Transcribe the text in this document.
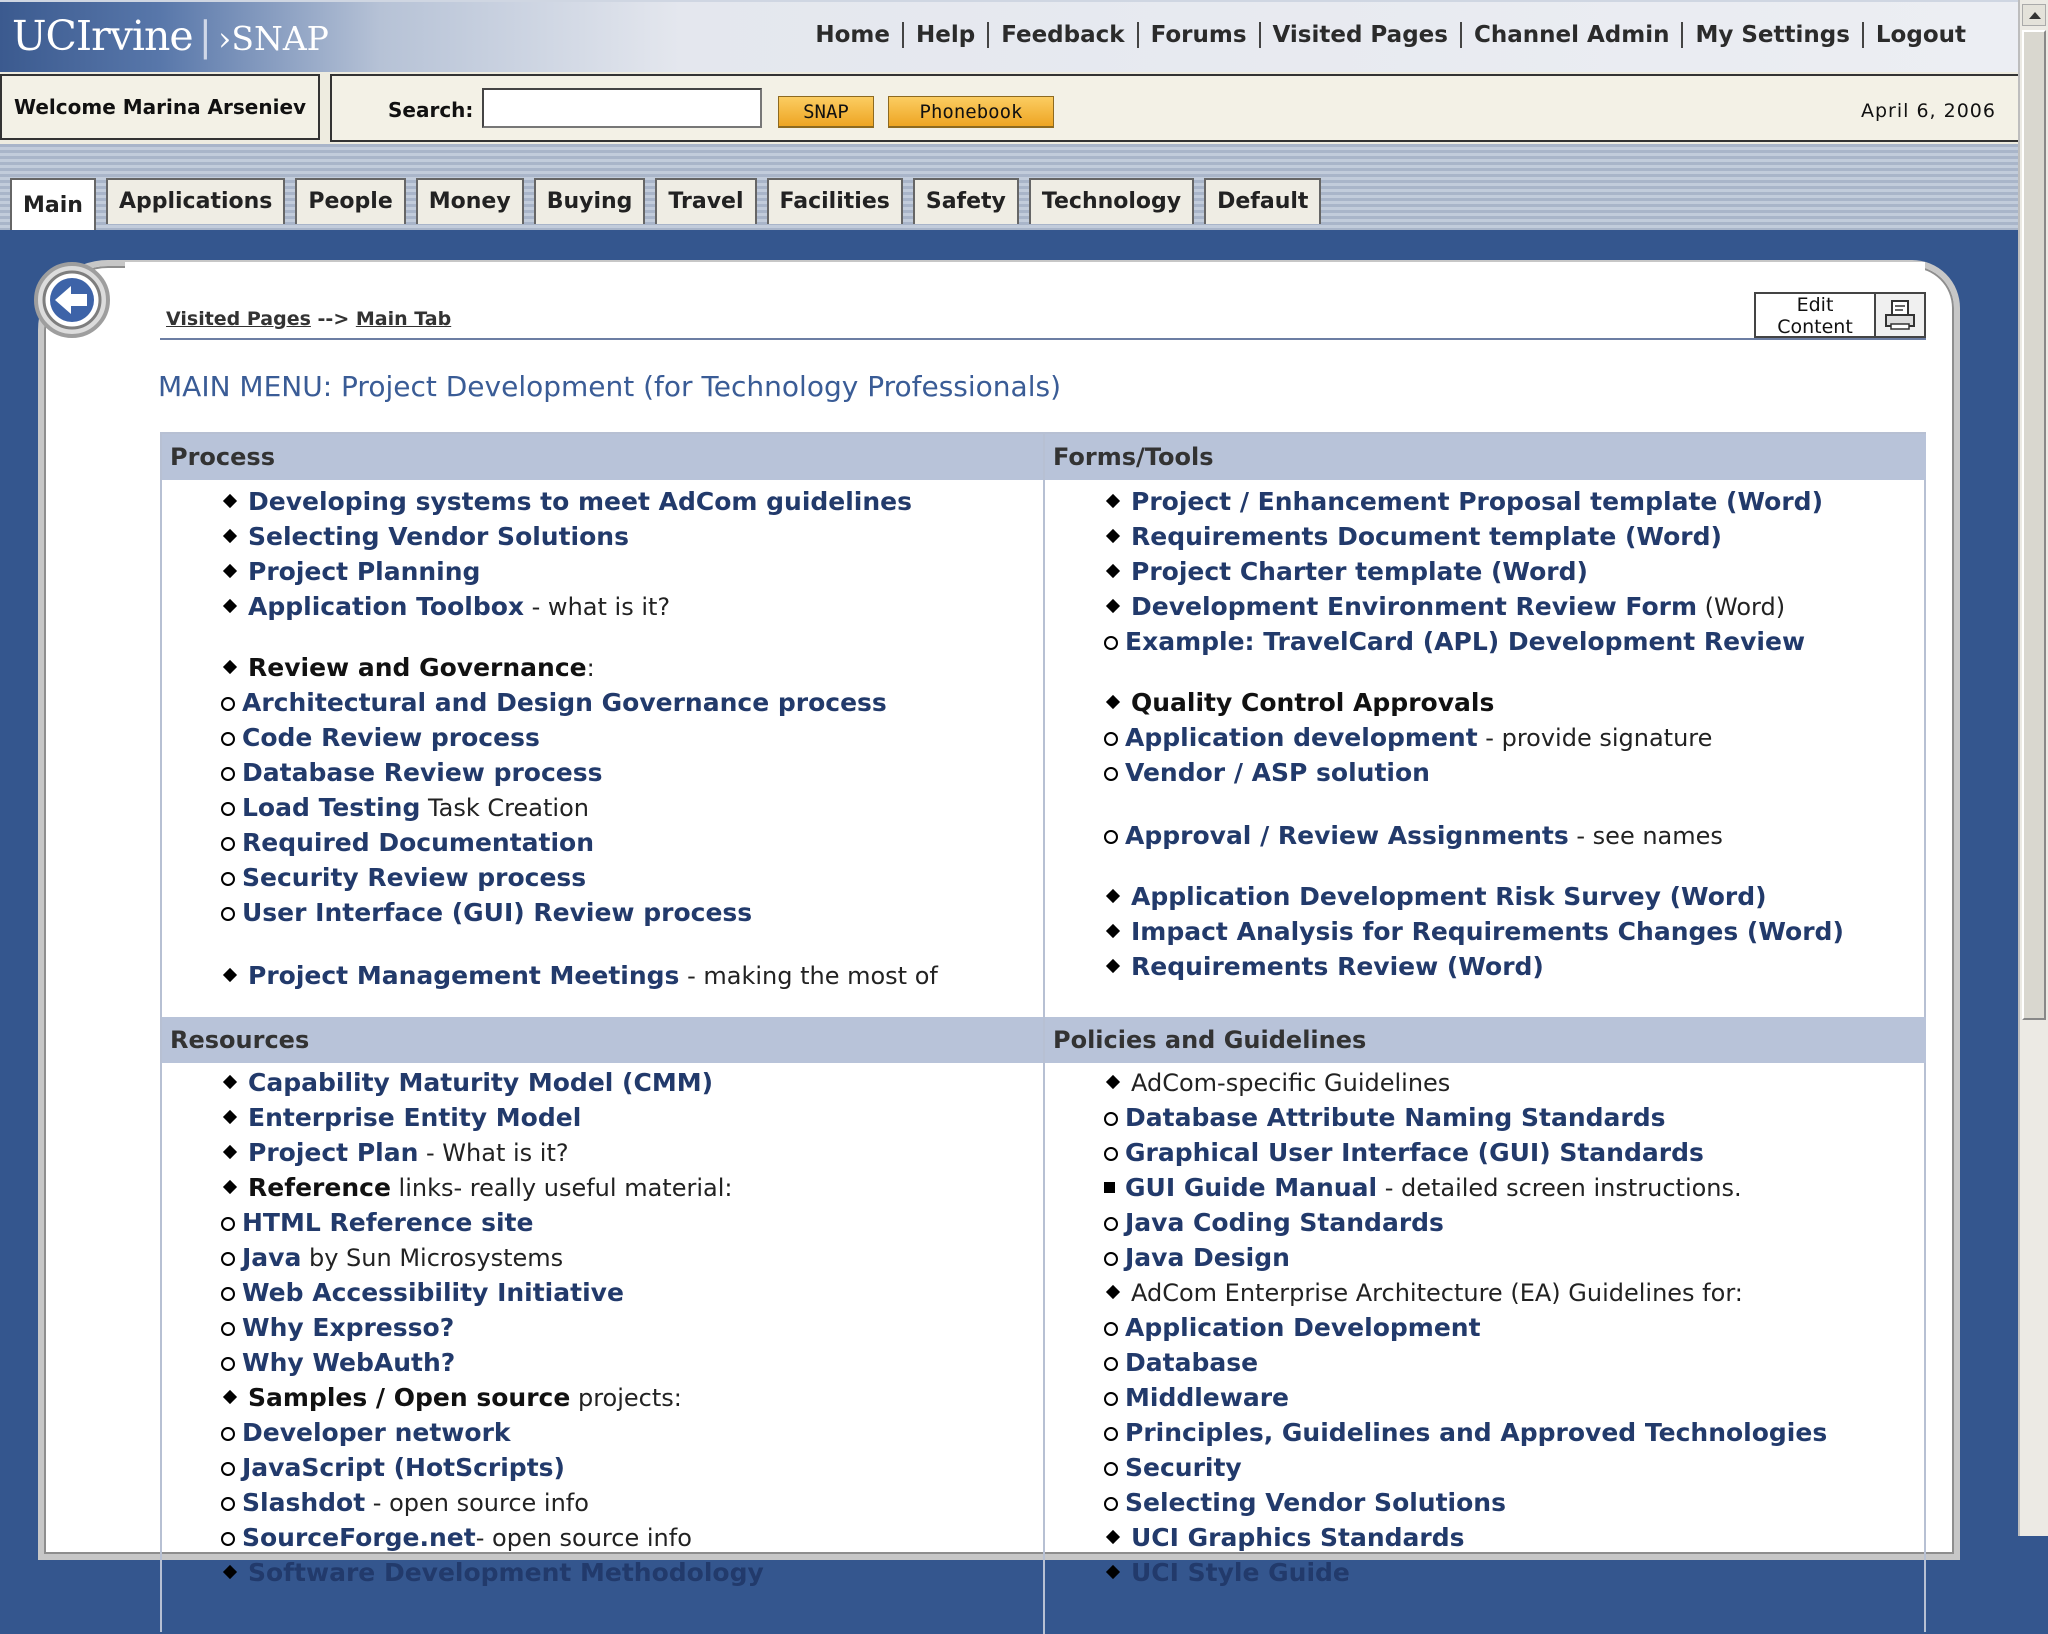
UCIrvine | ›SNAP	Home	Help	Feedback	Forums	Visited Pages	Channel Admin	My Settings	Logout
Welcome Marina Arseniev	Search:	SNAP	Phonebook	April 6, 2006
Main	Applications	People	Money	Buying	Travel	Facilities	Safety	Technology	Default
Visited Pages --> Main Tab
Edit Content
MAIN MENU: Project Development (for Technology Professionals)
Process
Developing systems to meet AdCom guidelines
Selecting Vendor Solutions
Project Planning
Application Toolbox - what is it?
Review and Governance:
Architectural and Design Governance process
Code Review process
Database Review process
Load Testing Task Creation
Required Documentation
Security Review process
User Interface (GUI) Review process
Project Management Meetings - making the most of
Forms/Tools
Project / Enhancement Proposal template (Word)
Requirements Document template (Word)
Project Charter template (Word)
Development Environment Review Form (Word)
Example: TravelCard (APL) Development Review
Quality Control Approvals
Application development - provide signature
Vendor / ASP solution
Approval / Review Assignments - see names
Application Development Risk Survey (Word)
Impact Analysis for Requirements Changes (Word)
Requirements Review (Word)
Resources
Capability Maturity Model (CMM)
Enterprise Entity Model
Project Plan - What is it?
Reference links- really useful material:
HTML Reference site
Java by Sun Microsystems
Web Accessibility Initiative
Why Expresso?
Why WebAuth?
Samples / Open source projects:
Developer network
JavaScript (HotScripts)
Slashdot - open source info
SourceForge.net- open source info
Software Development Methodology
Policies and Guidelines
AdCom-specific Guidelines
Database Attribute Naming Standards
Graphical User Interface (GUI) Standards
GUI Guide Manual - detailed screen instructions.
Java Coding Standards
Java Design
AdCom Enterprise Architecture (EA) Guidelines for:
Application Development
Database
Middleware
Principles, Guidelines and Approved Technologies
Security
Selecting Vendor Solutions
UCI Graphics Standards
UCI Style Guide
